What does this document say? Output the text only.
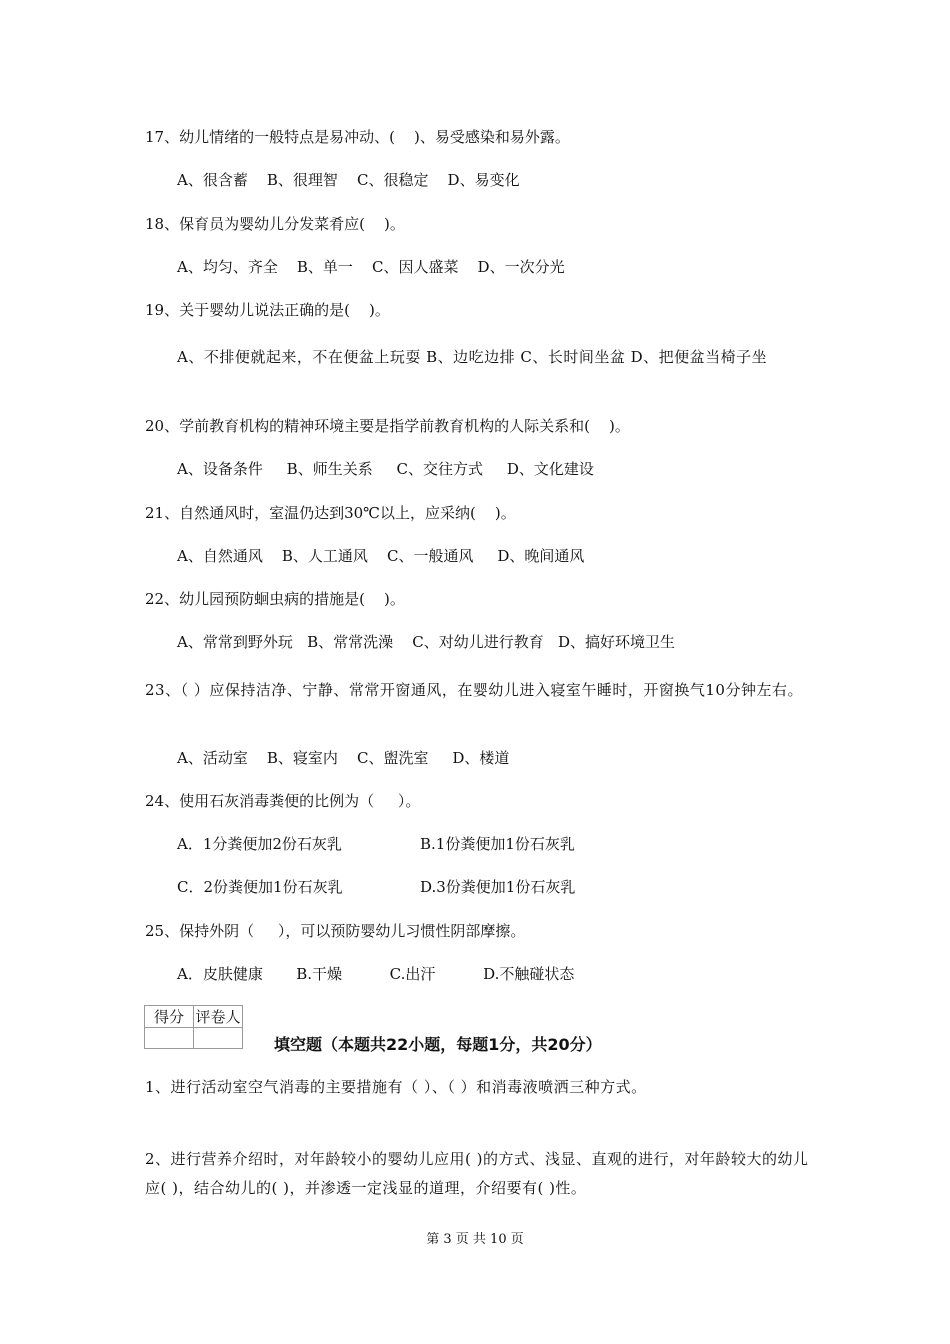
17、幼儿情绪的一般特点是易冲动、(    )、易受感染和易外露。
A、很含蓄    B、很理智    C、很稳定    D、易变化
18、保育员为婴幼儿分发菜肴应(    )。
A、均匀、齐全    B、单一    C、因人盛菜    D、一次分光
19、关于婴幼儿说法正确的是(    )。
A、不排便就起来，不在便盆上玩耍 B、边吃边排 C、长时间坐盆 D、把便盆当椅子坐
20、学前教育机构的精神环境主要是指学前教育机构的人际关系和(    )。
A、设备条件     B、师生关系     C、交往方式     D、文化建设
21、自然通风时，室温仍达到30℃以上，应采纳(    )。
A、自然通风    B、人工通风    C、一般通风     D、晚间通风
22、幼儿园预防蛔虫病的措施是(    )。
A、常常到野外玩   B、常常洗澡    C、对幼儿进行教育   D、搞好环境卫生
23、（ ）应保持洁净、宁静、常常开窗通风，在婴幼儿进入寝室午睡时，开窗换气10分钟左右。
A、活动室    B、寝室内    C、盥洗室     D、楼道
24、使用石灰消毒粪便的比例为（     ）。
A．1分粪便加2份石灰乳	B.1份粪便加1份石灰乳
C．2份粪便加1份石灰乳	D.3份粪便加1份石灰乳
25、保持外阴（     ），可以预防婴幼儿习惯性阴部摩擦。
A．皮肤健康       B.干燥          C.出汗          D.不触碰状态
得分	评卷人

填空题（本题共22小题，每题1分，共20分）
1、进行活动室空气消毒的主要措施有（ ）、（ ）和消毒液喷洒三种方式。
2、进行营养介绍时，对年龄较小的婴幼儿应用( )的方式、浅显、直观的进行，对年龄较大的幼儿应( )，结合幼儿的( )，并渗透一定浅显的道理，介绍要有( )性。
第 3 页 共 10 页
